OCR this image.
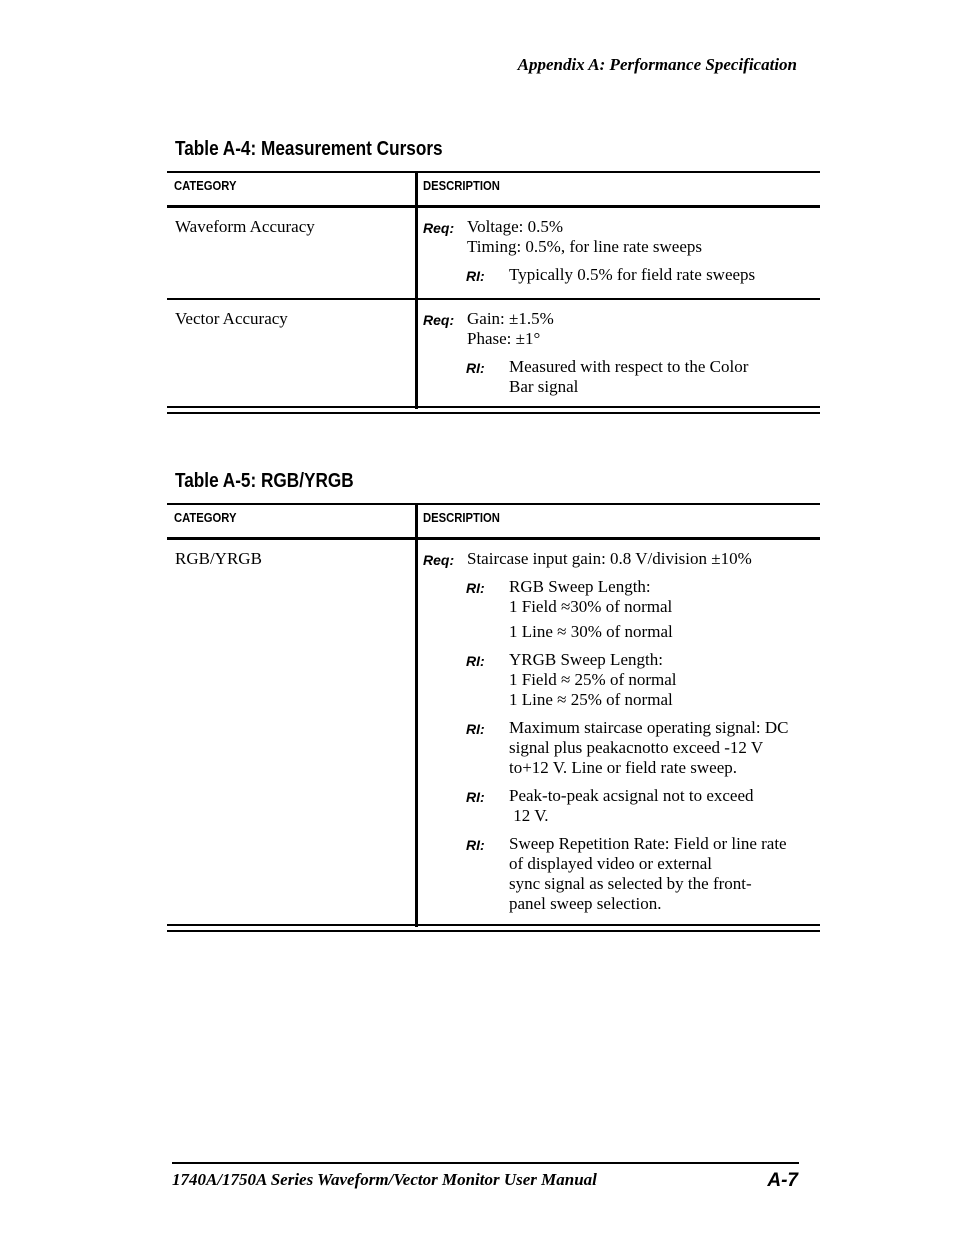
Appendix A: Performance Specification
Table A-4: Measurement Cursors
CATEGORY	DESCRIPTION
Waveform Accuracy	Req: Voltage: 0.5%
Timing: 0.5%, for line rate sweeps
RI: Typically 0.5% for field rate sweeps
Vector Accuracy	Req: Gain: ±1.5%
Phase: ±1°
RI: Measured with respect to the Color
Bar signal
Table A-5: RGB/YRGB
CATEGORY	DESCRIPTION
RGB/YRGB	Req: Staircase input gain: 0.8 V/division ±10%
RI: RGB Sweep Length:
1 Field ≈30% of normal
1 Line ≈ 30% of normal
RI: YRGB Sweep Length:
1 Field ≈ 25% of normal
1 Line ≈ 25% of normal
RI: Maximum staircase operating signal: DC
signal plus peakacnotto exceed -12 V
to+12 V. Line or field rate sweep.
RI: Peak-to-peak acsignal not to exceed
12 V.
RI: Sweep Repetition Rate: Field or line rate
of displayed video or external
sync signal as selected by the front-
panel sweep selection.
1740A/1750A Series Waveform/Vector Monitor User Manual	A-7
